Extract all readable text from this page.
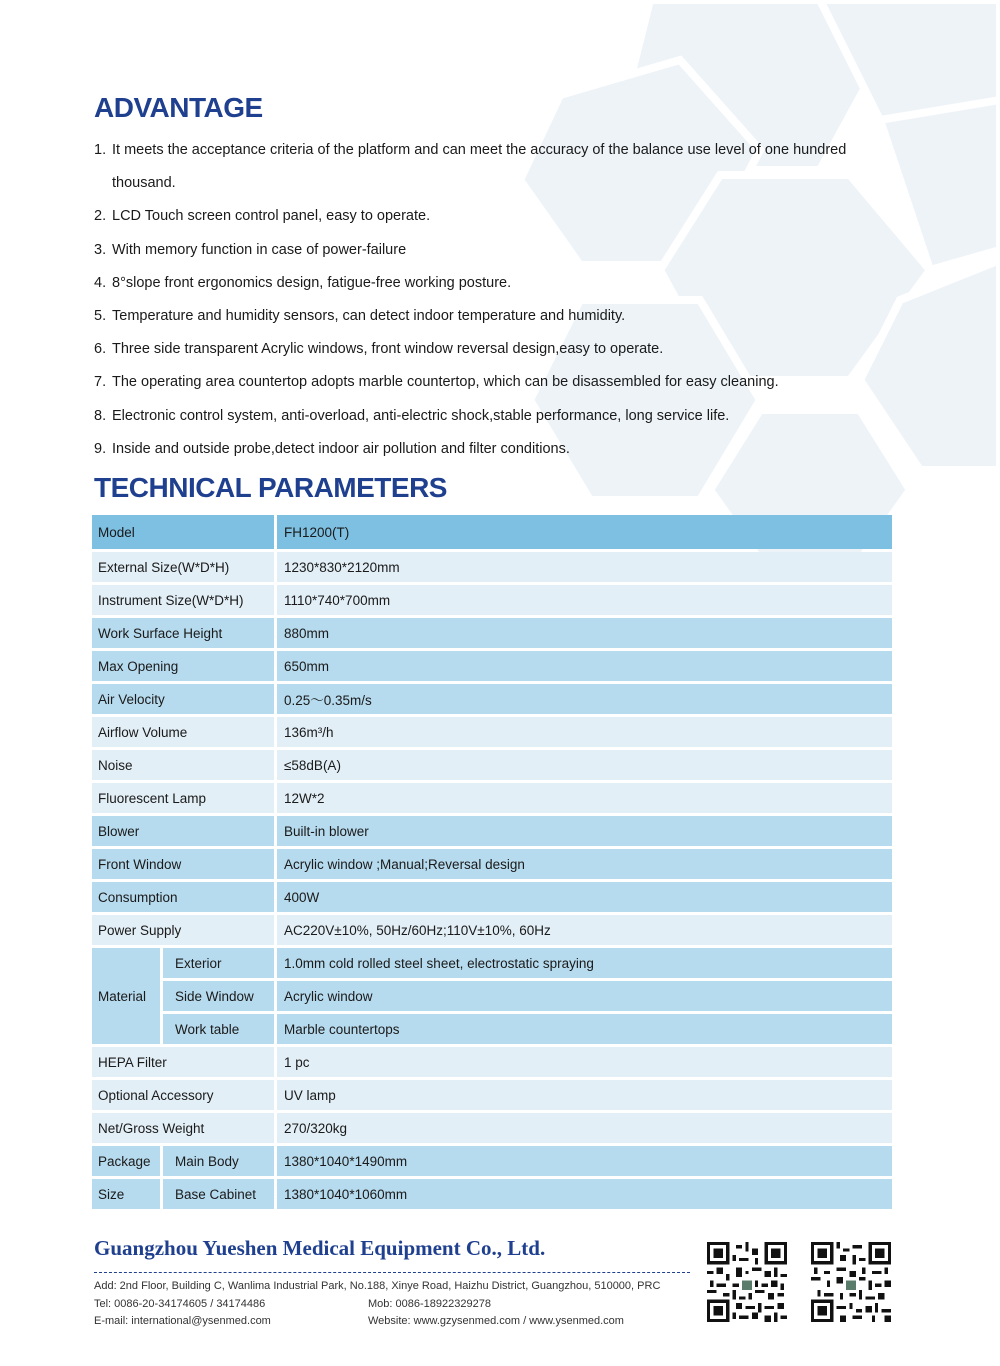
ADVANTAGE
1. It meets the acceptance criteria of the platform and can meet the accuracy of the balance use level of one hundred thousand.
2. LCD Touch screen control panel, easy to operate.
3. With memory function in case of power-failure
4. 8°slope front ergonomics design, fatigue-free working posture.
5. Temperature and humidity sensors, can detect indoor temperature and humidity.
6. Three side transparent Acrylic windows, front window reversal design,easy to operate.
7. The operating area countertop adopts marble countertop, which can be disassembled for easy cleaning.
8. Electronic control system, anti-overload, anti-electric shock,stable performance, long service life.
9. Inside and outside probe,detect indoor air pollution and filter conditions.
TECHNICAL PARAMETERS
Model		FH1200(T)
External Size(W*D*H)		1230*830*2120mm
Instrument Size(W*D*H)		1110*740*700mm
Work Surface Height		880mm
Max Opening		650mm
Air Velocity		0.25～0.35m/s
Airflow Volume		136m³/h
Noise		≤58dB(A)
Fluorescent Lamp		12W*2
Blower		Built-in blower
Front Window		Acrylic window ;Manual;Reversal design
Consumption		400W
Power Supply		AC220V±10%, 50Hz/60Hz;110V±10%, 60Hz
Material	Exterior	1.0mm cold rolled steel sheet, electrostatic spraying
	Side Window	Acrylic window
	Work table	Marble countertops
HEPA Filter		1 pc
Optional Accessory		UV lamp
Net/Gross Weight		270/320kg
Package	Main Body	1380*1040*1490mm
Size	Base Cabinet	1380*1040*1060mm
Guangzhou Yueshen Medical Equipment Co., Ltd.
Add: 2nd Floor, Building C, Wanlima Industrial Park, No.188, Xinye Road, Haizhu District, Guangzhou, 510000, PRC
Tel: 0086-20-34174605 / 34174486	Mob: 0086-18922329278
E-mail: international@ysenmed.com	Website: www.gzysenmed.com / www.ysenmed.com
